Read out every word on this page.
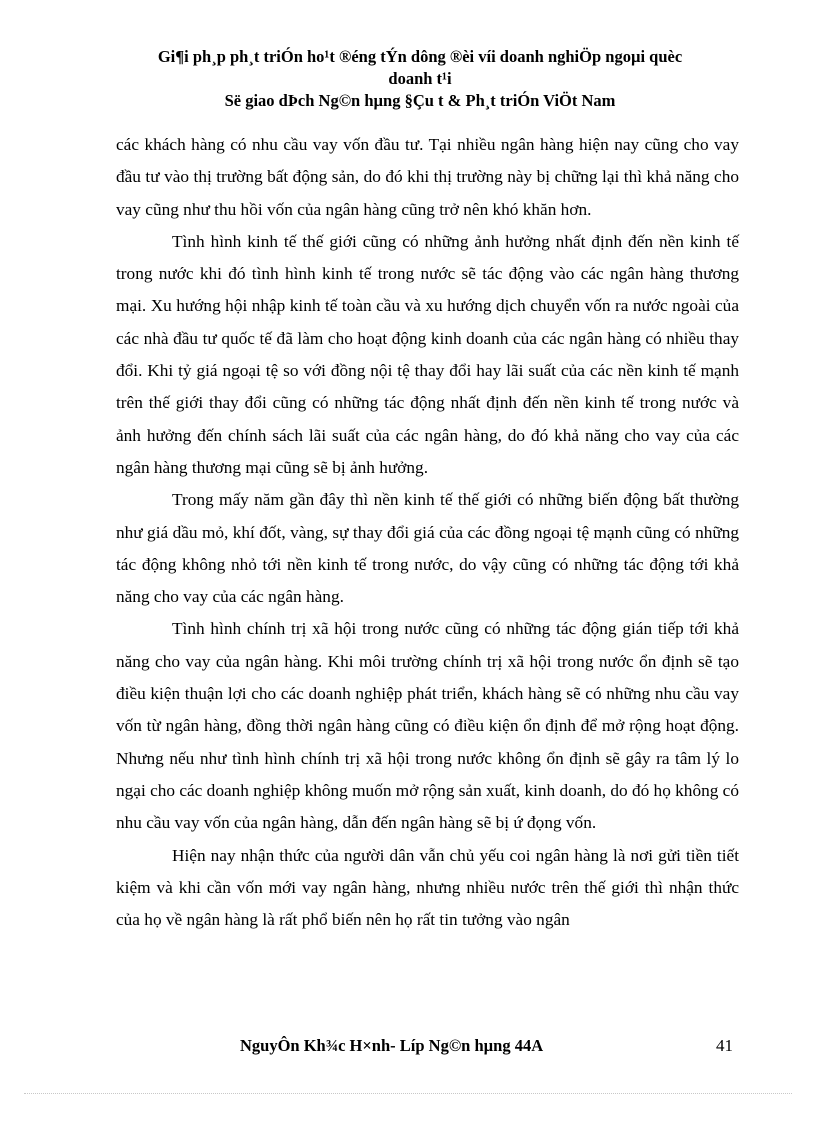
Gi¶i ph¸p ph¸t triÓn ho¹t ®éng tÝn dông ®èi víi doanh nghiÖp ngoµi quèc
doanh t¹i
Së giao dÞch Ng©n hµng §Çu t & Ph¸t triÓn ViÖt Nam

các khách hàng có nhu cầu vay vốn đầu tư. Tại nhiều ngân hàng hiện nay cũng cho vay đầu tư vào thị trường bất động sản, do đó khi thị trường này bị chững lại thì khả năng cho vay cũng như thu hồi vốn của ngân hàng cũng trở nên khó khăn hơn.

Tình hình kinh tế thế giới cũng có những ảnh hưởng nhất định đến nền kinh tế trong nước khi đó tình hình kinh tế trong nước sẽ tác động vào các ngân hàng thương mại. Xu hướng hội nhập kinh tế toàn cầu và xu hướng dịch chuyển vốn ra nước ngoài của các nhà đầu tư quốc tế đã làm cho hoạt động kinh doanh của các ngân hàng có nhiều thay đổi. Khi tỷ giá ngoại tệ so với đồng nội tệ thay đổi hay lãi suất của các nền kinh tế mạnh trên thế giới thay đổi cũng có những tác động nhất định đến nền kinh tế trong nước và ảnh hưởng đến chính sách lãi suất của các ngân hàng, do đó khả năng cho vay của các ngân hàng thương mại cũng sẽ bị ảnh hưởng.

Trong mấy năm gần đây thì nền kinh tế thế giới có những biến động bất thường như giá dầu mỏ, khí đốt, vàng, sự thay đổi giá của các đồng ngoại tệ mạnh cũng có những tác động không nhỏ tới nền kinh tế trong nước, do vậy cũng có những tác động tới khả năng cho vay của các ngân hàng.

Tình hình chính trị xã hội trong nước cũng có những tác động gián tiếp tới khả năng cho vay của ngân hàng. Khi môi trường chính trị xã hội trong nước ổn định sẽ tạo điều kiện thuận lợi cho các doanh nghiệp phát triển, khách hàng sẽ có những nhu cầu vay vốn từ ngân hàng, đồng thời ngân hàng cũng có điều kiện ổn định để mở rộng hoạt động. Nhưng nếu như tình hình chính trị xã hội trong nước không ổn định sẽ gây ra tâm lý lo ngại cho các doanh nghiệp không muốn mở rộng sản xuất, kinh doanh, do đó họ không có nhu cầu vay vốn của ngân hàng, dẫn đến ngân hàng sẽ bị ứ đọng vốn.

Hiện nay nhận thức của người dân vẫn chủ yếu coi ngân hàng là nơi gửi tiền tiết kiệm và khi cần vốn mới vay ngân hàng, nhưng nhiều nước trên thế giới thì nhận thức của họ về ngân hàng là rất phổ biến nên họ rất tin tưởng vào ngân

NguyÔn Kh¾c H×nh- Líp Ng©n hµng 44A	41
